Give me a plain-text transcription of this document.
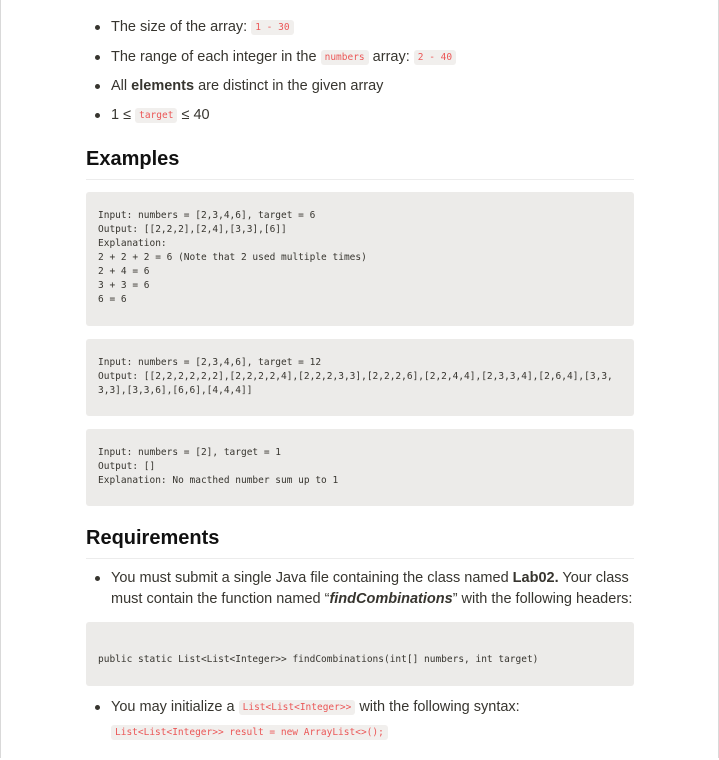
The size of the array: 1 - 30
The range of each integer in the numbers array: 2 - 40
All elements are distinct in the given array
1 ≤ target ≤ 40
Examples
Input: numbers = [2,3,4,6], target = 6
Output: [[2,2,2],[2,4],[3,3],[6]]
Explanation:
2 + 2 + 2 = 6 (Note that 2 used multiple times)
2 + 4 = 6
3 + 3 = 6
6 = 6
Input: numbers = [2,3,4,6], target = 12
Output: [[2,2,2,2,2,2],[2,2,2,2,4],[2,2,2,3,3],[2,2,2,6],[2,2,4,4],[2,3,3,4],[2,6,4],[3,3,3,3],[3,3,6],[6,6],[4,4,4]]
Input: numbers = [2], target = 1
Output: []
Explanation: No macthed number sum up to 1
Requirements
You must submit a single Java file containing the class named Lab02. Your class must contain the function named “findCombinations” with the following headers:
public static List<List<Integer>> findCombinations(int[] numbers, int target)
You may initialize a List<List<Integer>> with the following syntax:
List<List<Integer>> result = new ArrayList<>();
